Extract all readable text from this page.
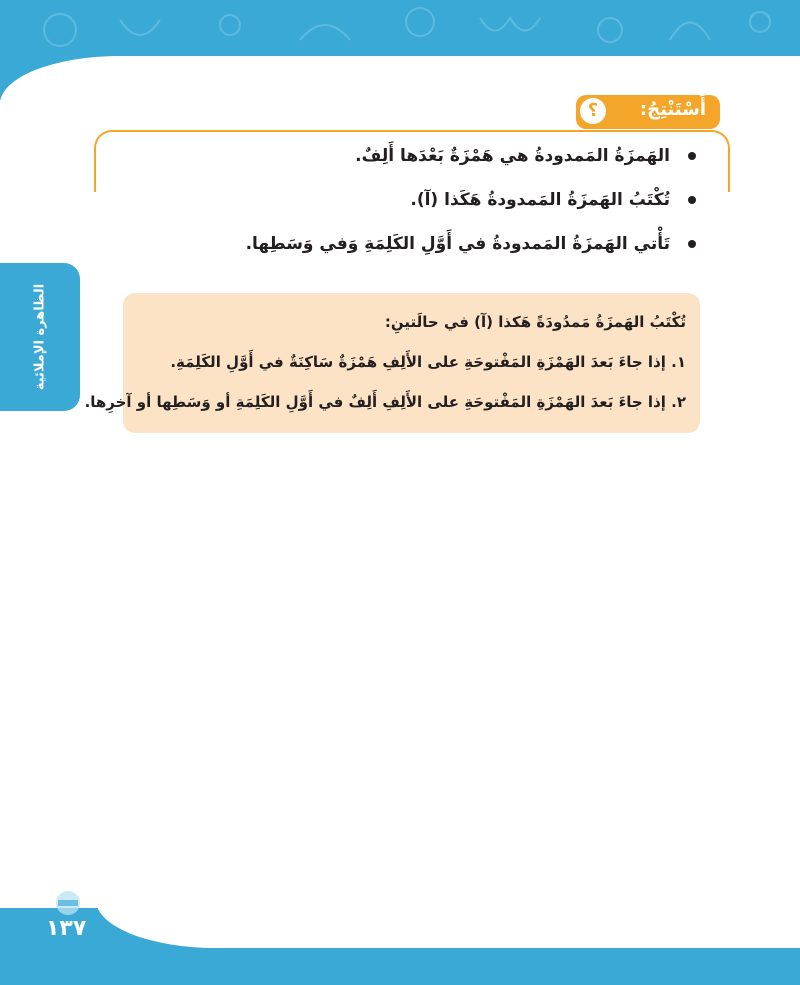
الظاهرة الإملائية
أَسْتَنْتِجُ:
؟
الهَمزَةُ المَمدودةُ هي هَمْزَةٌ بَعْدَها أَلِفٌ.
تُكْتَبُ الهَمزَةُ المَمدودةُ هَكَذا (آ).
تَأْتي الهَمزَةُ المَمدودةُ في أَوَّلِ الكَلِمَةِ وَفي وَسَطِها.
تُكْتَبُ الهَمزَةُ مَمدُودَةً هَكذا (آ) في حالَتينِ:
١. إذا جاءَ بَعدَ الهَمْزَةِ المَفْتوحَةِ على الأَلِفِ هَمْزَةٌ سَاكِنَةٌ في أَوَّلِ الكَلِمَةِ.
٢. إذا جاءَ بَعدَ الهَمْزَةِ المَفْتوحَةِ على الأَلِفِ أَلِفٌ في أَوَّلِ الكَلِمَةِ أو وَسَطِها أو آخرِها.
١٣٧
